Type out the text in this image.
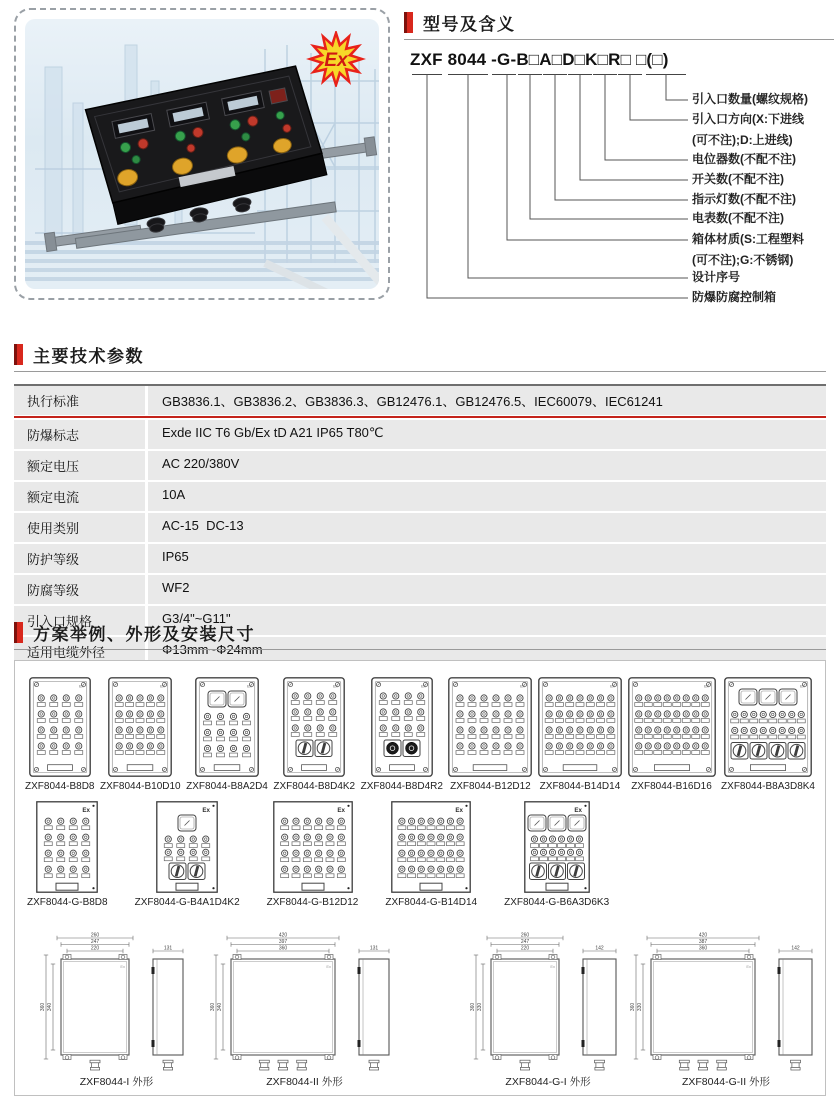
Ex
型号及含义
ZXF 8044 -G-B□A□D□K□R□ □(□)
引入口数量(螺纹规格)
引入口方向(X:下进线
(可不注);D:上进线)
电位器数(不配不注)
开关数(不配不注)
指示灯数(不配不注)
电表数(不配不注)
箱体材质(S:工程塑料
(可不注);G:不锈钢)
设计序号
防爆防腐控制箱
主要技术参数
执行标准	GB3836.1、GB3836.2、GB3836.3、GB12476.1、GB12476.5、IEC60079、IEC61241
防爆标志	Exde IIC T6 Gb/Ex tD A21 IP65 T80℃
额定电压	AC 220/380V
额定电流	10A
使用类别	AC-15  DC-13
防护等级	IP65
防腐等级	WF2
引入口规格	G3/4"~G11"
适用电缆外径	Φ13mm~Φ24mm
方案举例、外形及安装尺寸
Ex
ZXF8044-B8D8
Ex
ZXF8044-B10D10
Ex
ZXF8044-B8A2D4
Ex
ZXF8044-B8D4K2
Ex
ZXF8044-B8D4R2
Ex
ZXF8044-B12D12
Ex
ZXF8044-B14D14
Ex
ZXF8044-B16D16
Ex
ZXF8044-B8A3D8K4
Ex
ZXF8044-G-B8D8
Ex
ZXF8044-G-B4A1D4K2
Ex
ZXF8044-G-B12D12
Ex
ZXF8044-G-B14D14
Ex
ZXF8044-G-B6A3D6K3
Ex
260
247
220
360 340
131
ZXF8044-I 外形
Ex
420
397
360
360 340
131
ZXF8044-II 外形
Ex
260
247
220
360 330
142
ZXF8044-G-I 外形
Ex
420
387
360
360 330
142
ZXF8044-G-II 外形
